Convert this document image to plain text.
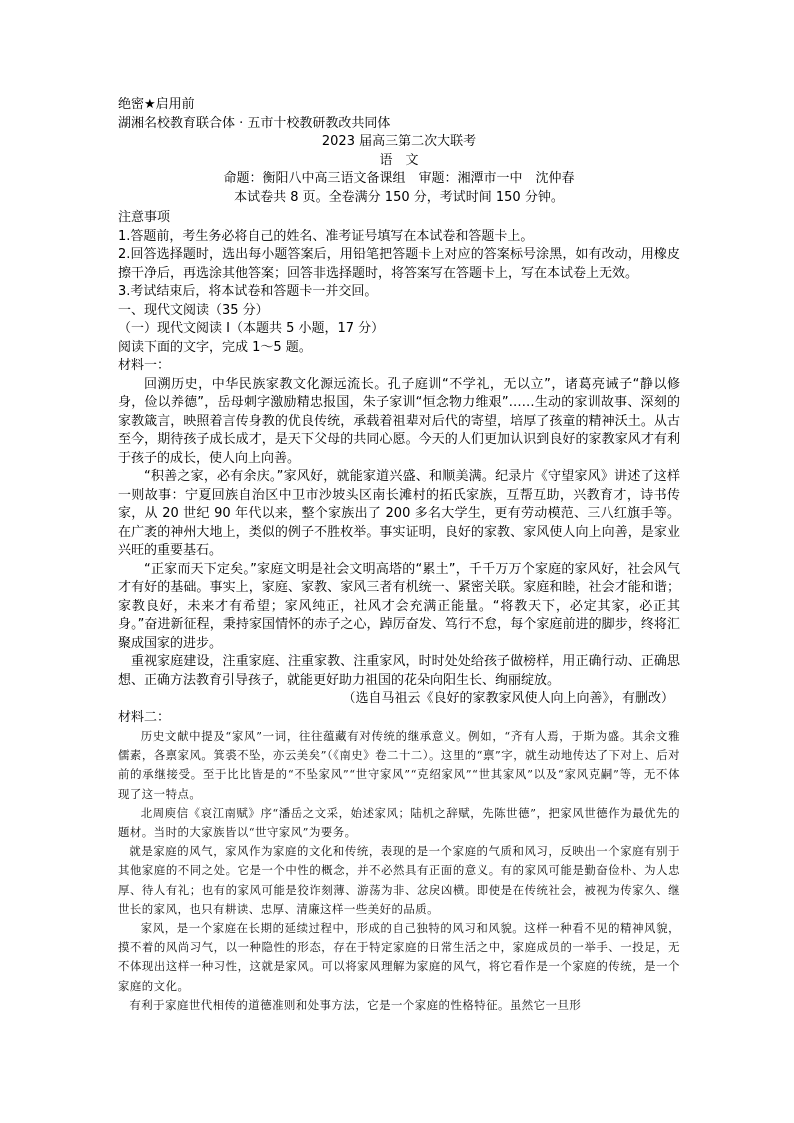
绝密★启用前

湖湘名校教育联合体 · 五市十校教研教改共同体

2023 届高三第二次大联考

语　文

命题：衡阳八中高三语文备课组　审题：湘潭市一中　沈仲春

本试卷共 8 页。全卷满分 150 分，考试时间 150 分钟。

注意事项

1.答题前，考生务必将自己的姓名、准考证号填写在本试卷和答题卡上。

2.回答选择题时，选出每小题答案后，用铅笔把答题卡上对应的答案标号涂黑，如有改动，用橡皮擦干净后，再选涂其他答案；回答非选择题时，将答案写在答题卡上，写在本试卷上无效。

3.考试结束后，将本试卷和答题卡一并交回。

一、现代文阅读（35 分）

（一）现代文阅读 I（本题共 5 小题，17 分）

阅读下面的文字，完成 1～5 题。

材料一：

回溯历史，中华民族家教文化源远流长。孔子庭训“不学礼，无以立”，诸葛亮诫子“静以修身，俭以养德”，岳母刺字激励精忠报国，朱子家训“恒念物力维艰”……生动的家训故事、深刻的家教箴言，映照着言传身教的优良传统，承载着祖辈对后代的寄望，培厚了孩童的精神沃土。从古至今，期待孩子成长成才，是天下父母的共同心愿。今天的人们更加认识到良好的家教家风才有利于孩子的成长，使人向上向善。

“积善之家，必有余庆。”家风好，就能家道兴盛、和顺美满。纪录片《守望家风》讲述了这样一则故事：宁夏回族自治区中卫市沙坡头区南长滩村的拓氏家族，互帮互助，兴教育才，诗书传家，从 20 世纪 90 年代以来，整个家族出了 200 多名大学生，更有劳动模范、三八红旗手等。在广袤的神州大地上，类似的例子不胜枚举。事实证明，良好的家教、家风使人向上向善，是家业兴旺的重要基石。

“正家而天下定矣。”家庭文明是社会文明高塔的“累土”，千千万万个家庭的家风好，社会风气才有好的基础。事实上，家庭、家教、家风三者有机统一、紧密关联。家庭和睦，社会才能和谐；家教良好，未来才有希望；家风纯正，社风才会充满正能量。“将教天下，必定其家，必正其身。”奋进新征程，秉持家国情怀的赤子之心，踔厉奋发、笃行不怠，每个家庭前进的脚步，终将汇聚成国家的进步。

重视家庭建设，注重家庭、注重家教、注重家风，时时处处给孩子做榜样，用正确行动、正确思想、正确方法教育引导孩子，就能更好助力祖国的花朵向阳生长、绚丽绽放。

（选自马祖云《良好的家教家风使人向上向善》，有删改）

材料二：

历史文献中提及“家风”一词，往往蕴藏有对传统的继承意义。例如，“齐有人焉，于斯为盛。其余文雅儒素，各禀家风。箕裘不坠，亦云美矣”（《南史》卷二十二）。这里的“禀”字，就生动地传达了下对上、后对前的承继接受。至于比比皆是的“不坠家风”“世守家风”“克绍家风”“世其家风”以及“家风克嗣”等，无不体现了这一特点。

北周庾信《哀江南赋》序“潘岳之文采，始述家风；陆机之辞赋，先陈世德”，把家风世德作为最优先的题材。当时的大家族皆以“世守家风”为要务。

就是家庭的风气，家风作为家庭的文化和传统，表现的是一个家庭的气质和风习，反映出一个家庭有别于其他家庭的不同之处。它是一个中性的概念，并不必然具有正面的意义。有的家风可能是勤奋俭朴、为人忠厚、待人有礼；也有的家风可能是狡诈刻薄、游荡为非、忿戾凶横。即使是在传统社会，被视为传家久、继世长的家风，也只有耕读、忠厚、清廉这样一些美好的品质。

家风，是一个家庭在长期的延续过程中，形成的自己独特的风习和风貌。这样一种看不见的精神风貌，摸不着的风尚习气，以一种隐性的形态，存在于特定家庭的日常生活之中，家庭成员的一举手、一投足，无不体现出这样一种习性，这就是家风。可以将家风理解为家庭的风气，将它看作是一个家庭的传统，是一个家庭的文化。

有利于家庭世代相传的道德准则和处事方法，它是一个家庭的性格特征。虽然它一旦形
